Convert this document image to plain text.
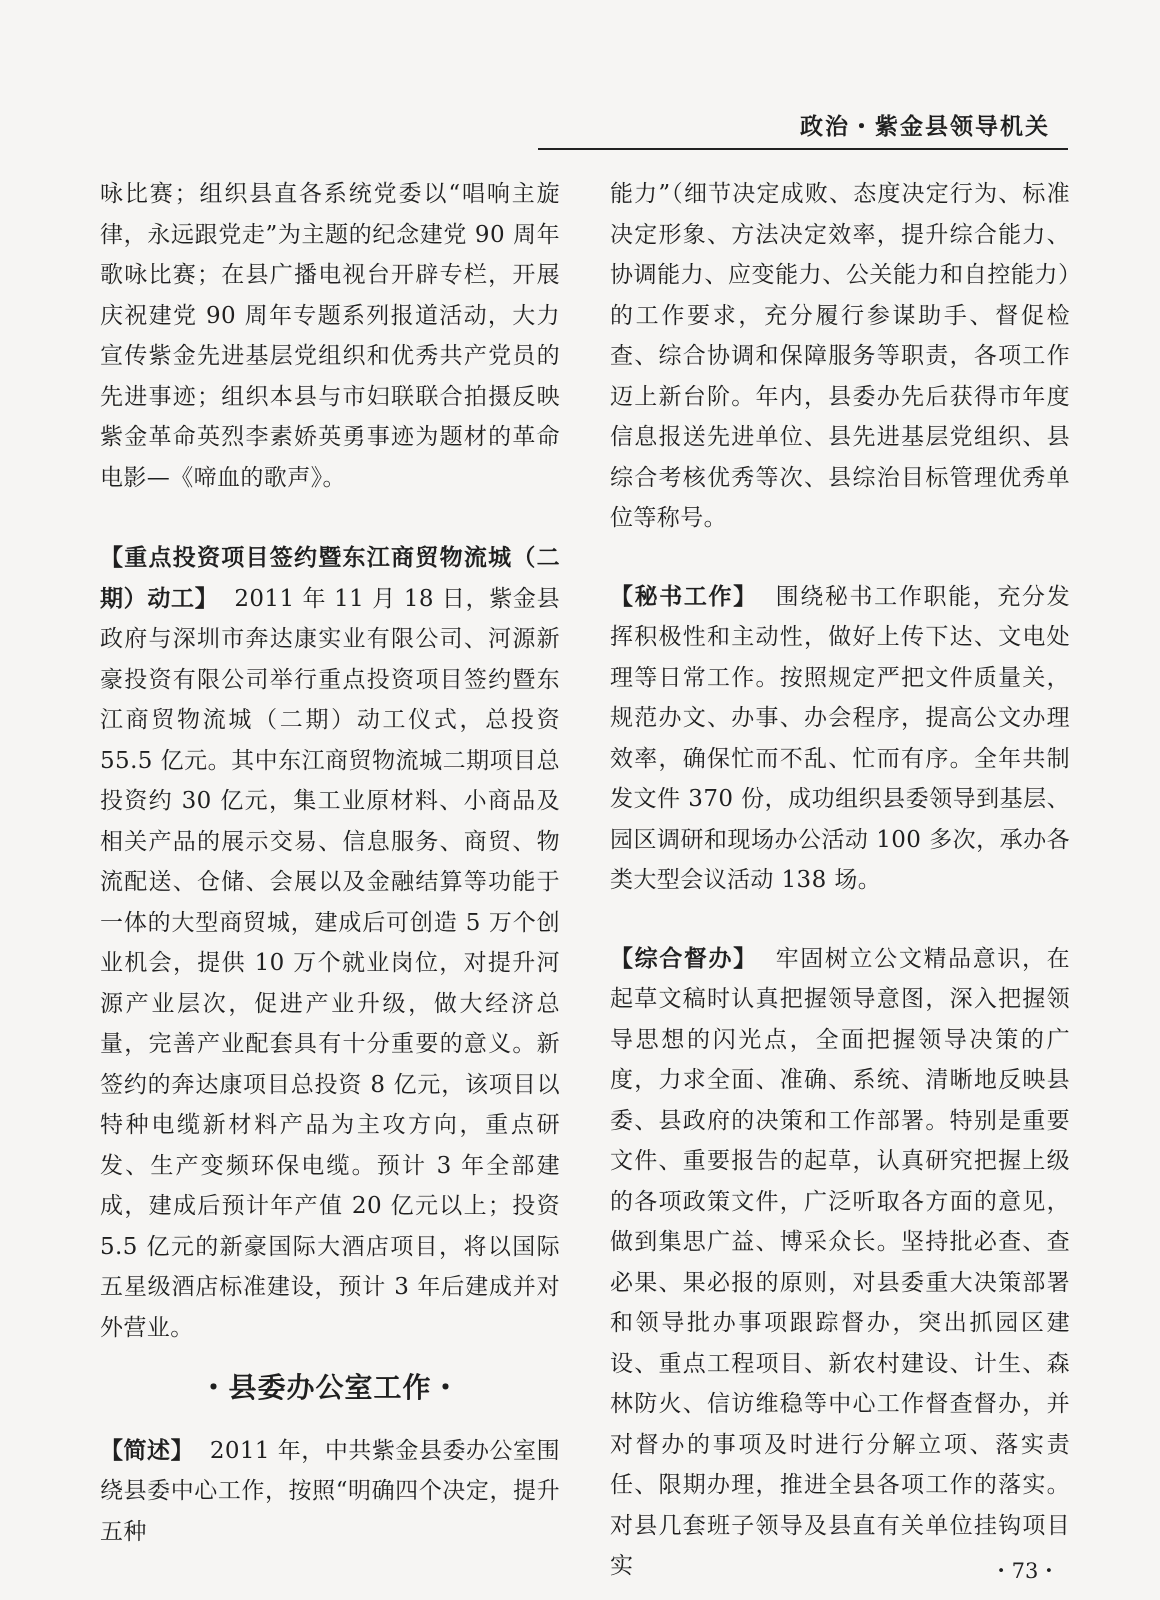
政治・紫金县领导机关

咏比赛；组织县直各系统党委以“唱响主旋律，永远跟党走”为主题的纪念建党 90 周年歌咏比赛；在县广播电视台开辟专栏，开展庆祝建党 90 周年专题系列报道活动，大力宣传紫金先进基层党组织和优秀共产党员的先进事迹；组织本县与市妇联联合拍摄反映紫金革命英烈李素娇英勇事迹为题材的革命电影—《啼血的歌声》。

【重点投资项目签约暨东江商贸物流城（二期）动工】 2011 年 11 月 18 日，紫金县政府与深圳市奔达康实业有限公司、河源新豪投资有限公司举行重点投资项目签约暨东江商贸物流城（二期）动工仪式，总投资 55.5 亿元。其中东江商贸物流城二期项目总投资约 30 亿元，集工业原材料、小商品及相关产品的展示交易、信息服务、商贸、物流配送、仓储、会展以及金融结算等功能于一体的大型商贸城，建成后可创造 5 万个创业机会，提供 10 万个就业岗位，对提升河源产业层次，促进产业升级，做大经济总量，完善产业配套具有十分重要的意义。新签约的奔达康项目总投资 8 亿元，该项目以特种电缆新材料产品为主攻方向，重点研发、生产变频环保电缆。预计 3 年全部建成，建成后预计年产值 20 亿元以上；投资 5.5 亿元的新豪国际大酒店项目，将以国际五星级酒店标准建设，预计 3 年后建成并对外营业。

・县委办公室工作・

【简述】 2011 年，中共紫金县委办公室围绕县委中心工作，按照“明确四个决定，提升五种

能力”（细节决定成败、态度决定行为、标准决定形象、方法决定效率，提升综合能力、协调能力、应变能力、公关能力和自控能力）的工作要求，充分履行参谋助手、督促检查、综合协调和保障服务等职责，各项工作迈上新台阶。年内，县委办先后获得市年度信息报送先进单位、县先进基层党组织、县综合考核优秀等次、县综治目标管理优秀单位等称号。

【秘书工作】 围绕秘书工作职能，充分发挥积极性和主动性，做好上传下达、文电处理等日常工作。按照规定严把文件质量关，规范办文、办事、办会程序，提高公文办理效率，确保忙而不乱、忙而有序。全年共制发文件 370 份，成功组织县委领导到基层、园区调研和现场办公活动 100 多次，承办各类大型会议活动 138 场。

【综合督办】 牢固树立公文精品意识，在起草文稿时认真把握领导意图，深入把握领导思想的闪光点，全面把握领导决策的广度，力求全面、准确、系统、清晰地反映县委、县政府的决策和工作部署。特别是重要文件、重要报告的起草，认真研究把握上级的各项政策文件，广泛听取各方面的意见，做到集思广益、博采众长。坚持批必查、查必果、果必报的原则，对县委重大决策部署和领导批办事项跟踪督办，突出抓园区建设、重点工程项目、新农村建设、计生、森林防火、信访维稳等中心工作督查督办，并对督办的事项及时进行分解立项、落实责任、限期办理，推进全县各项工作的落实。对县几套班子领导及县直有关单位挂钩项目实	・73・
